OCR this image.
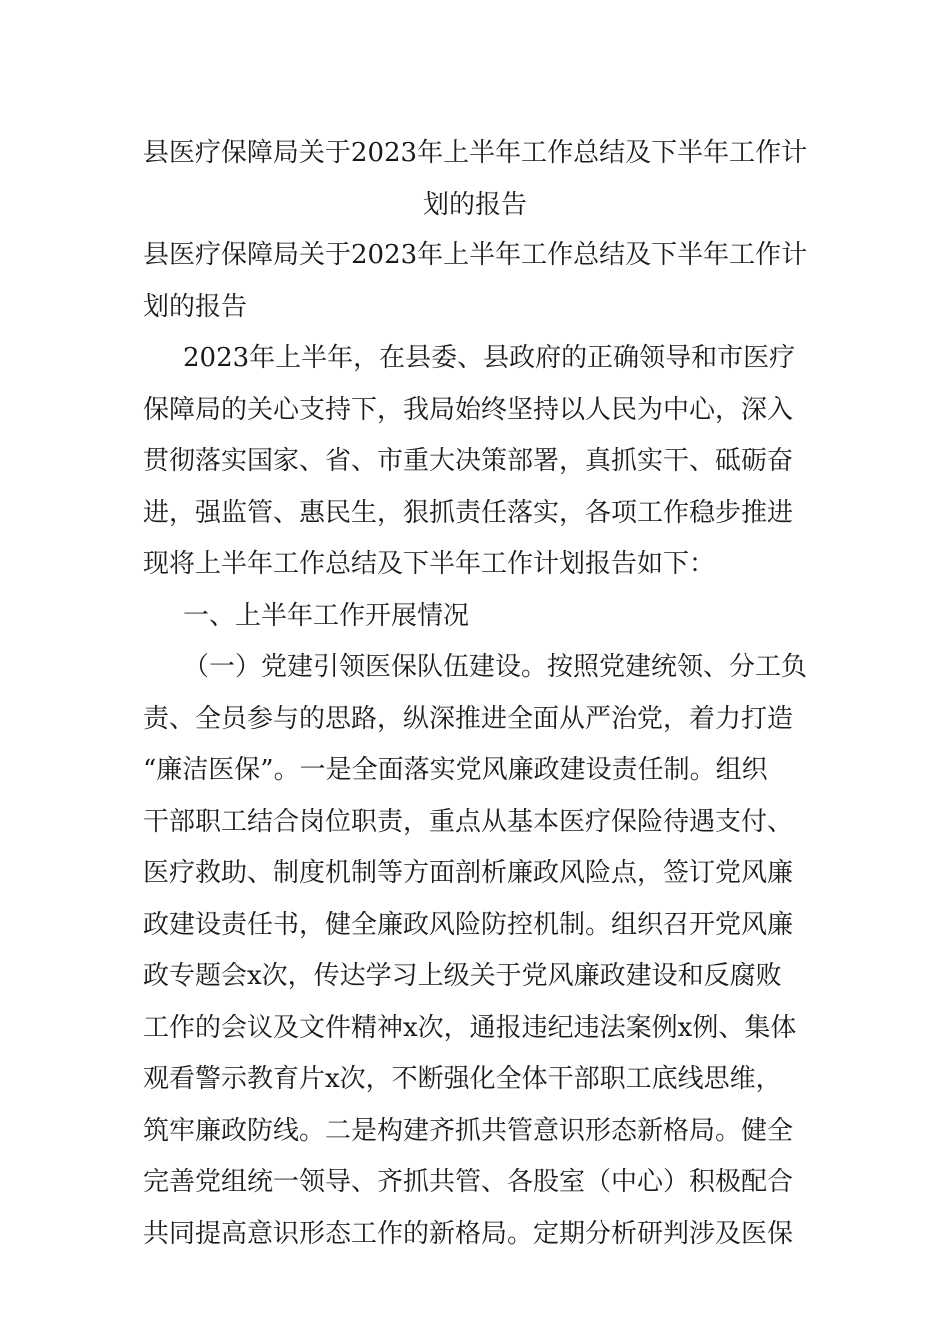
县医疗保障局关于2023年上半年工作总结及下半年工作计
划的报告
县医疗保障局关于2023年上半年工作总结及下半年工作计
划的报告
2023年上半年，在县委、县政府的正确领导和市医疗
保障局的关心支持下，我局始终坚持以人民为中心，深入
贯彻落实国家、省、市重大决策部署，真抓实干、砥砺奋
进，强监管、惠民生，狠抓责任落实，各项工作稳步推进
现将上半年工作总结及下半年工作计划报告如下：
一、上半年工作开展情况
（一）党建引领医保队伍建设。按照党建统领、分工负
责、全员参与的思路，纵深推进全面从严治党，着力打造
“廉洁医保”。一是全面落实党风廉政建设责任制。组织
干部职工结合岗位职责，重点从基本医疗保险待遇支付、
医疗救助、制度机制等方面剖析廉政风险点，签订党风廉
政建设责任书，健全廉政风险防控机制。组织召开党风廉
政专题会x次，传达学习上级关于党风廉政建设和反腐败
工作的会议及文件精神x次，通报违纪违法案例x例、集体
观看警示教育片x次，不断强化全体干部职工底线思维，
筑牢廉政防线。二是构建齐抓共管意识形态新格局。健全
完善党组统一领导、齐抓共管、各股室（中心）积极配合
共同提高意识形态工作的新格局。定期分析研判涉及医保
